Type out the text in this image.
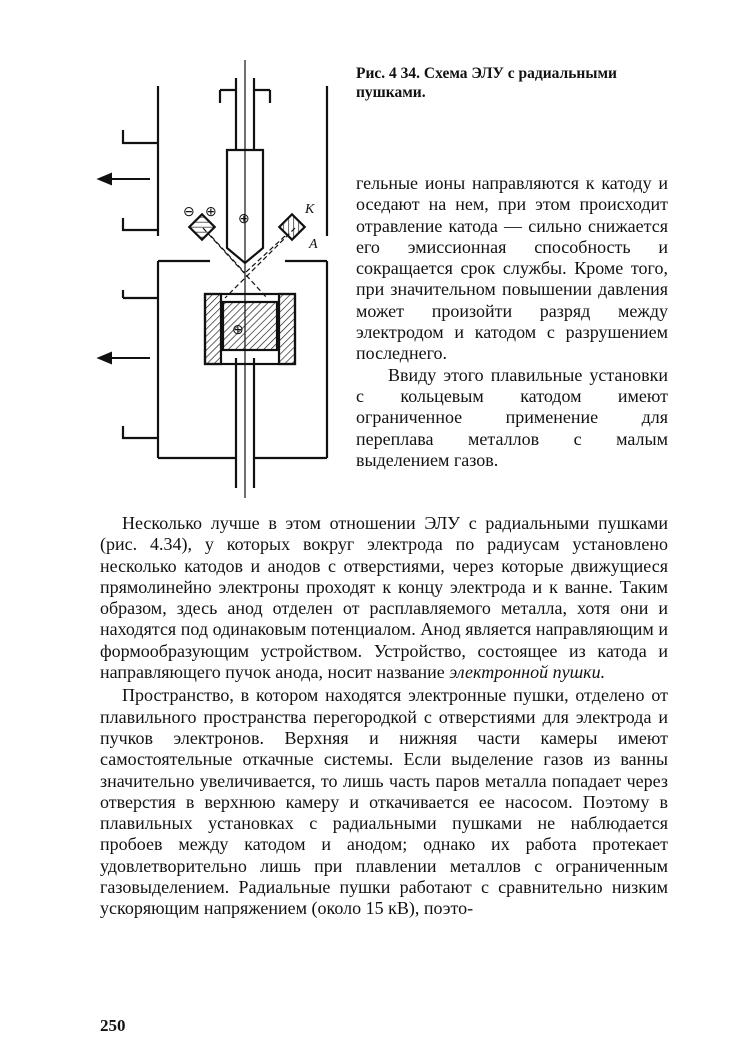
⊖ ⊕ ⊕
⊕
К
А

Рис. 4 34. Схема ЭЛУ с радиальными пушками.

гельные ионы направляются к катоду и оседают на нем, при этом происходит отравление катода — сильно снижается его эмиссионная способность и сокращается срок службы. Кроме того, при значительном повышении давления может произойти разряд между электродом и катодом с разрушением последнего.

Ввиду этого плавильные установки с кольцевым катодом имеют ограниченное применение для переплава металлов с малым выделением газов.

Несколько лучше в этом отношении ЭЛУ с радиальными пушками (рис. 4.34), у которых вокруг электрода по радиусам установлено несколько катодов и анодов с отверстиями, через которые движущиеся прямолинейно электроны проходят к концу электрода и к ванне. Таким образом, здесь анод отделен от расплавляемого металла, хотя они и находятся под одинаковым потенциалом. Анод является направляющим и формообразующим устройством. Устройство, состоящее из катода и направляющего пучок анода, носит название электронной пушки.

Пространство, в котором находятся электронные пушки, отделено от плавильного пространства перегородкой с отверстиями для электрода и пучков электронов. Верхняя и нижняя части камеры имеют самостоятельные откачные системы. Если выделение газов из ванны значительно увеличивается, то лишь часть паров металла попадает через отверстия в верхнюю камеру и откачивается ее насосом. Поэтому в плавильных установках с радиальными пушками не наблюдается пробоев между катодом и анодом; однако их работа протекает удовлетворительно лишь при плавлении металлов с ограниченным газовыделением. Радиальные пушки работают с сравнительно низким ускоряющим напряжением (около 15 кВ), поэто-

250
